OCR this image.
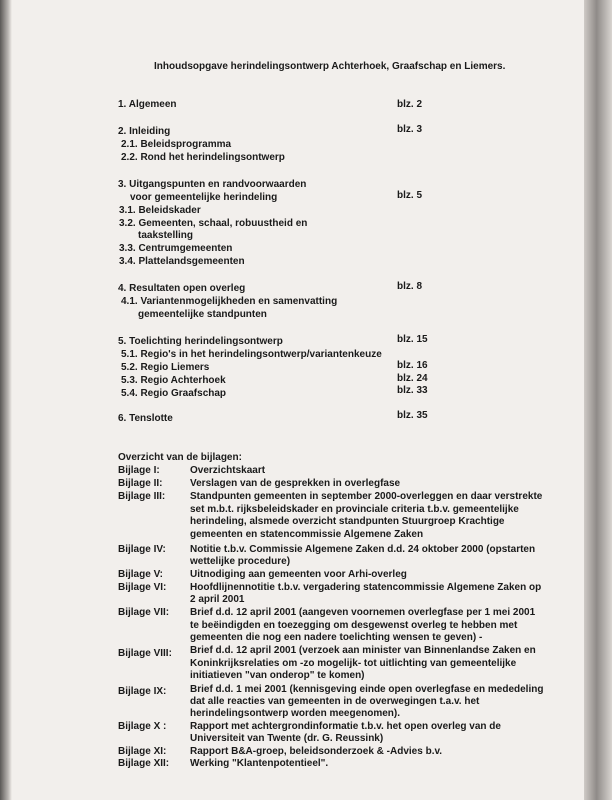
Inhoudsopgave herindelingsontwerp Achterhoek, Graafschap en Liemers.
1. Algemeen	blz. 2
2. Inleiding	blz. 3
2.1. Beleidsprogramma
2.2. Rond het herindelingsontwerp
3. Uitgangspunten en randvoorwaarden
voor gemeentelijke herindeling	blz. 5
3.1. Beleidskader
3.2. Gemeenten, schaal, robuustheid en
taakstelling
3.3. Centrumgemeenten
3.4. Plattelandsgemeenten
4. Resultaten open overleg	blz. 8
4.1. Variantenmogelijkheden en samenvatting
gemeentelijke standpunten
5. Toelichting herindelingsontwerp	blz. 15
5.1. Regio's in het herindelingsontwerp/variantenkeuze
5.2. Regio Liemers	blz. 16
5.3. Regio Achterhoek	blz. 24
5.4. Regio Graafschap	blz. 33
6. Tenslotte	blz. 35
Overzicht van de bijlagen:
Bijlage I:	Overzichtskaart
Bijlage II:	Verslagen van de gesprekken in overlegfase
Bijlage III: Standpunten gemeenten in september 2000-overleggen en daar verstrekte
set m.b.t. rijksbeleidskader en provinciale criteria t.b.v. gemeentelijke
herindeling, alsmede overzicht standpunten Stuurgroep Krachtige
gemeenten en statencommissie Algemene Zaken
Bijlage IV: Notitie t.b.v. Commissie Algemene Zaken d.d. 24 oktober 2000 (opstarten
wettelijke procedure)
Bijlage V:	Uitnodiging aan gemeenten voor Arhi-overleg
Bijlage VI: Hoofdlijnennotitie t.b.v. vergadering statencommissie Algemene Zaken op
2 april 2001
Bijlage VII: Brief d.d. 12 april 2001 (aangeven voornemen overlegfase per 1 mei 2001
te beëindigden en toezegging om desgewenst overleg te hebben met
gemeenten die nog een nadere toelichting wensen te geven) -
Bijlage VIII: Brief d.d. 12 april 2001 (verzoek aan minister van Binnenlandse Zaken en
Koninkrijksrelaties om -zo mogelijk- tot uitlichting van gemeentelijke
initiatieven "van onderop" te komen)
Bijlage IX: Brief d.d. 1 mei 2001 (kennisgeving einde open overlegfase en mededeling
dat alle reacties van gemeenten in de overwegingen t.a.v. het
herindelingsontwerp worden meegenomen).
Bijlage X : Rapport met achtergrondinformatie t.b.v. het open overleg van de
Universiteit van Twente (dr. G. Reussink)
Bijlage XI: Rapport B&A-groep, beleidsonderzoek & -Advies b.v.
Bijlage XII: Werking "Klantenpotentieel".
